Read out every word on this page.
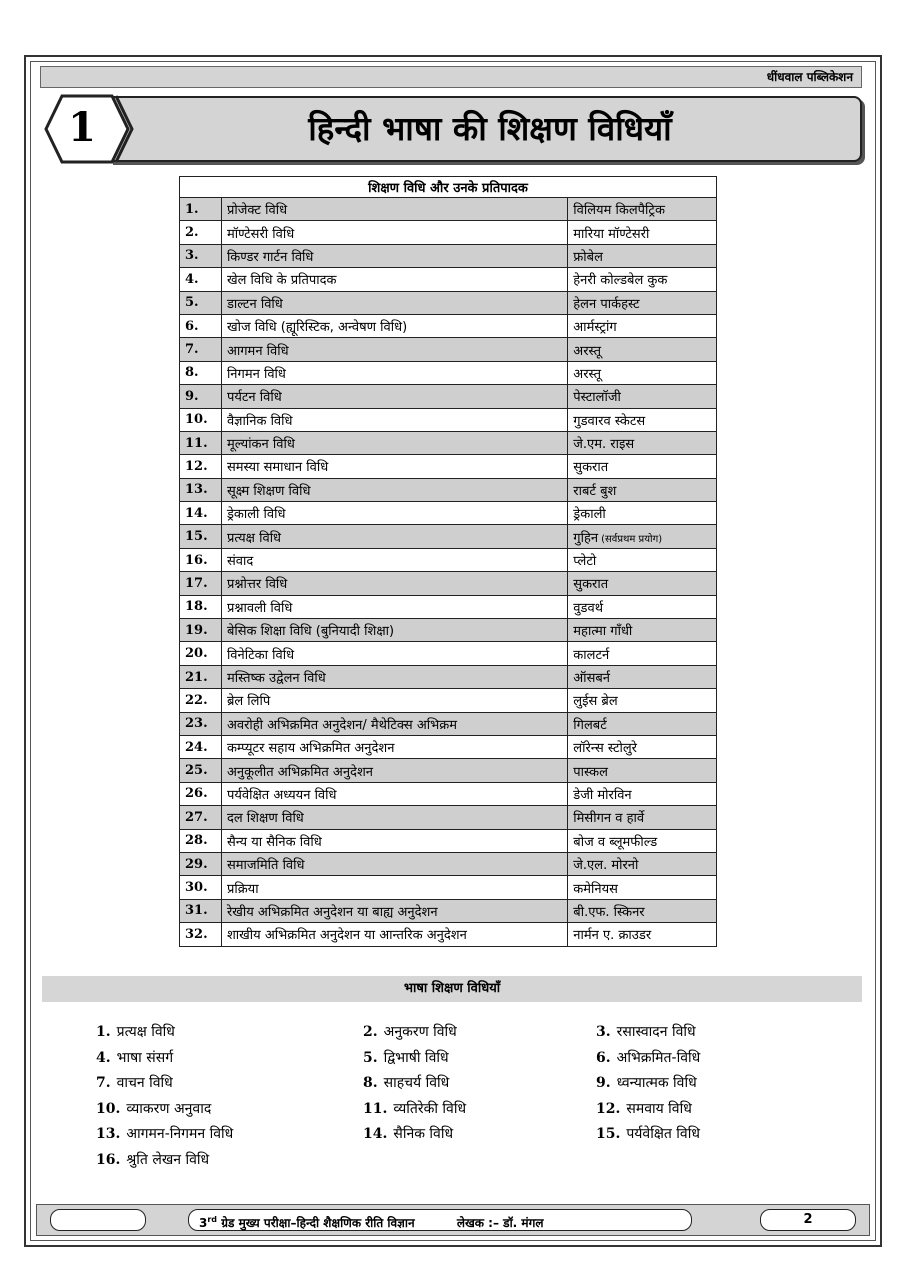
धींधवाल पब्लिकेशन
1	हिन्दी भाषा की शिक्षण विधियाँ
शिक्षण विधि और उनके प्रतिपादक		
1.	प्रोजेक्ट विधि	विलियम किलपैट्रिक
2.	मॉण्टेसरी विधि	मारिया मॉण्टेसरी
3.	किण्डर गार्टन विधि	फ्रोबेल
4.	खेल विधि के प्रतिपादक	हेनरी कोल्डबेल कुक
5.	डाल्टन विधि	हेलन पार्कहस्ट
6.	खोज विधि (ह्यूरिस्टिक, अन्वेषण विधि)	आर्मस्ट्रांग
7.	आगमन विधि	अरस्तू
8.	निगमन विधि	अरस्तू
9.	पर्यटन विधि	पेस्टालॉजी
10.	वैज्ञानिक विधि	गुडवारव स्केटस
11.	मूल्यांकन विधि	जे.एम. राइस
12.	समस्या समाधान विधि	सुकरात
13.	सूक्ष्म शिक्षण विधि	राबर्ट बुश
14.	ड्रेकाली विधि	ड्रेकाली
15.	प्रत्यक्ष विधि	गुहिन (सर्वप्रथम प्रयोग)
16.	संवाद	प्लेटो
17.	प्रश्नोत्तर विधि	सुकरात
18.	प्रश्नावली विधि	वुडवर्थ
19.	बेसिक शिक्षा विधि (बुनियादी शिक्षा)	महात्मा गाँधी
20.	विनेटिका विधि	कालटर्न
21.	मस्तिष्क उद्वेलन विधि	ऑसबर्न
22.	ब्रेल लिपि	लुईस ब्रेल
23.	अवरोही अभिक्रमित अनुदेशन/ मैथेटिक्स अभिक्रम	गिलबर्ट
24.	कम्प्यूटर सहाय अभिक्रमित अनुदेशन	लॉरेन्स स्टोलुरे
25.	अनुकूलीत अभिक्रमित अनुदेशन	पास्कल
26.	पर्यवेक्षित अध्ययन विधि	डेजी मोरविन
27.	दल शिक्षण विधि	मिसीगन व हार्वे
28.	सैन्य या सैनिक विधि	बोज व ब्लूमफील्ड
29.	समाजमिति विधि	जे.एल. मोरनो
30.	प्रक्रिया	कमेनियस
31.	रेखीय अभिक्रमित अनुदेशन या बाह्य अनुदेशन	बी.एफ. स्किनर
32.	शाखीय अभिक्रमित अनुदेशन या आन्तरिक अनुदेशन	नार्मन ए. क्राउडर
भाषा शिक्षण विधियाँ
1. प्रत्यक्ष विधि	2. अनुकरण विधि	3. रसास्वादन विधि
4. भाषा संसर्ग	5. द्विभाषी विधि	6. अभिक्रमित-विधि
7. वाचन विधि	8. साहचर्य विधि	9. ध्वन्यात्मक विधि
10. व्याकरण अनुवाद	11. व्यतिरेकी विधि	12. समवाय विधि
13. आगमन-निगमन विधि	14. सैनिक विधि	15. पर्यवेक्षित विधि
16. श्रुति लेखन विधि
3rd ग्रेड मुख्य परीक्षा–हिन्दी शैक्षणिक रीति विज्ञान	लेखक :– डॉ. मंगल	2
